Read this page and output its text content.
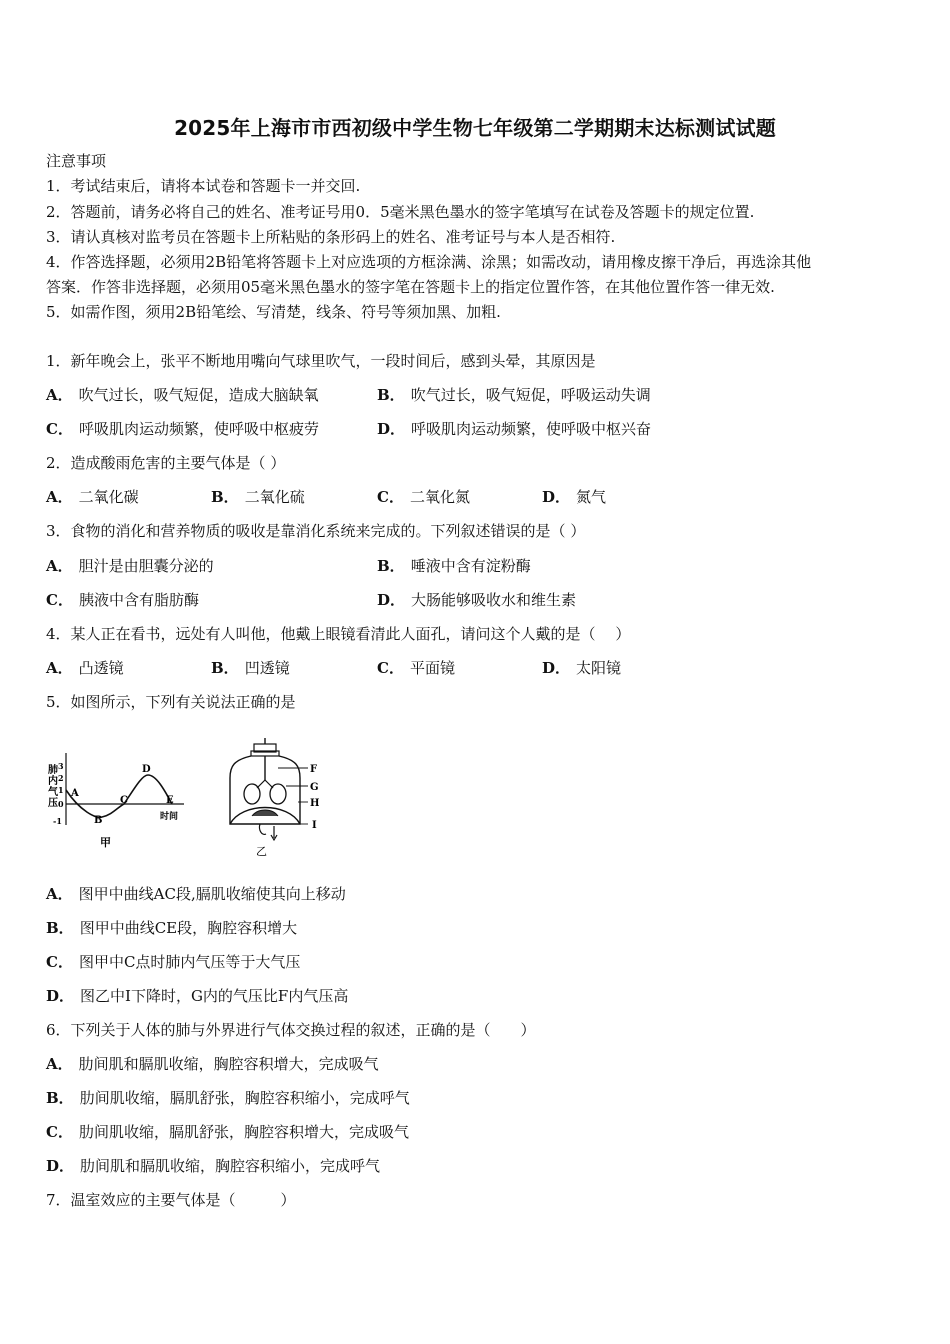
2025年上海市市西初级中学生物七年级第二学期期末达标测试试题
注意事项
1．考试结束后，请将本试卷和答题卡一并交回.
2．答题前，请务必将自己的姓名、准考证号用0．5毫米黑色墨水的签字笔填写在试卷及答题卡的规定位置.
3．请认真核对监考员在答题卡上所粘贴的条形码上的姓名、准考证号与本人是否相符.
4．作答选择题，必须用2B铅笔将答题卡上对应选项的方框涂满、涂黑；如需改动，请用橡皮擦干净后，再选涂其他
答案．作答非选择题，必须用05毫米黑色墨水的签字笔在答题卡上的指定位置作答，在其他位置作答一律无效.
5．如需作图，须用2B铅笔绘、写清楚，线条、符号等须加黑、加粗.
1．新年晚会上，张平不断地用嘴向气球里吹气，一段时间后，感到头晕，其原因是
A． 吹气过长，吸气短促，造成大脑缺氧	B． 吹气过长，吸气短促，呼吸运动失调
C． 呼吸肌肉运动频繁，使呼吸中枢疲劳	D． 呼吸肌肉运动频繁，使呼吸中枢兴奋
2．造成酸雨危害的主要气体是（ ）
A． 二氧化碳	B． 二氧化硫	C． 二氧化氮	D． 氮气
3．食物的消化和营养物质的吸收是靠消化系统来完成的。下列叙述错误的是（ ）
A． 胆汁是由胆囊分泌的	B． 唾液中含有淀粉酶
C． 胰液中含有脂肪酶	D． 大肠能够吸收水和维生素
4．某人正在看书，远处有人叫他，他戴上眼镜看清此人面孔，请问这个人戴的是（　 ）
A． 凸透镜	B． 凹透镜	C． 平面镜	D． 太阳镜
5．如图所示，下列有关说法正确的是
肺内气压
3
2
1
0
-1
A
B
C
D
E
时间
甲
F
G
H
I
乙
A． 图甲中曲线AC段,膈肌收缩使其向上移动
B． 图甲中曲线CE段，胸腔容积增大
C． 图甲中C点时肺内气压等于大气压
D． 图乙中I下降时，G内的气压比F内气压高
6．下列关于人体的肺与外界进行气体交换过程的叙述，正确的是（　　）
A． 肋间肌和膈肌收缩，胸腔容积增大，完成吸气
B． 肋间肌收缩，膈肌舒张，胸腔容积缩小，完成呼气
C． 肋间肌收缩，膈肌舒张，胸腔容积增大，完成吸气
D． 肋间肌和膈肌收缩，胸腔容积缩小，完成呼气
7．温室效应的主要气体是（　　　）
